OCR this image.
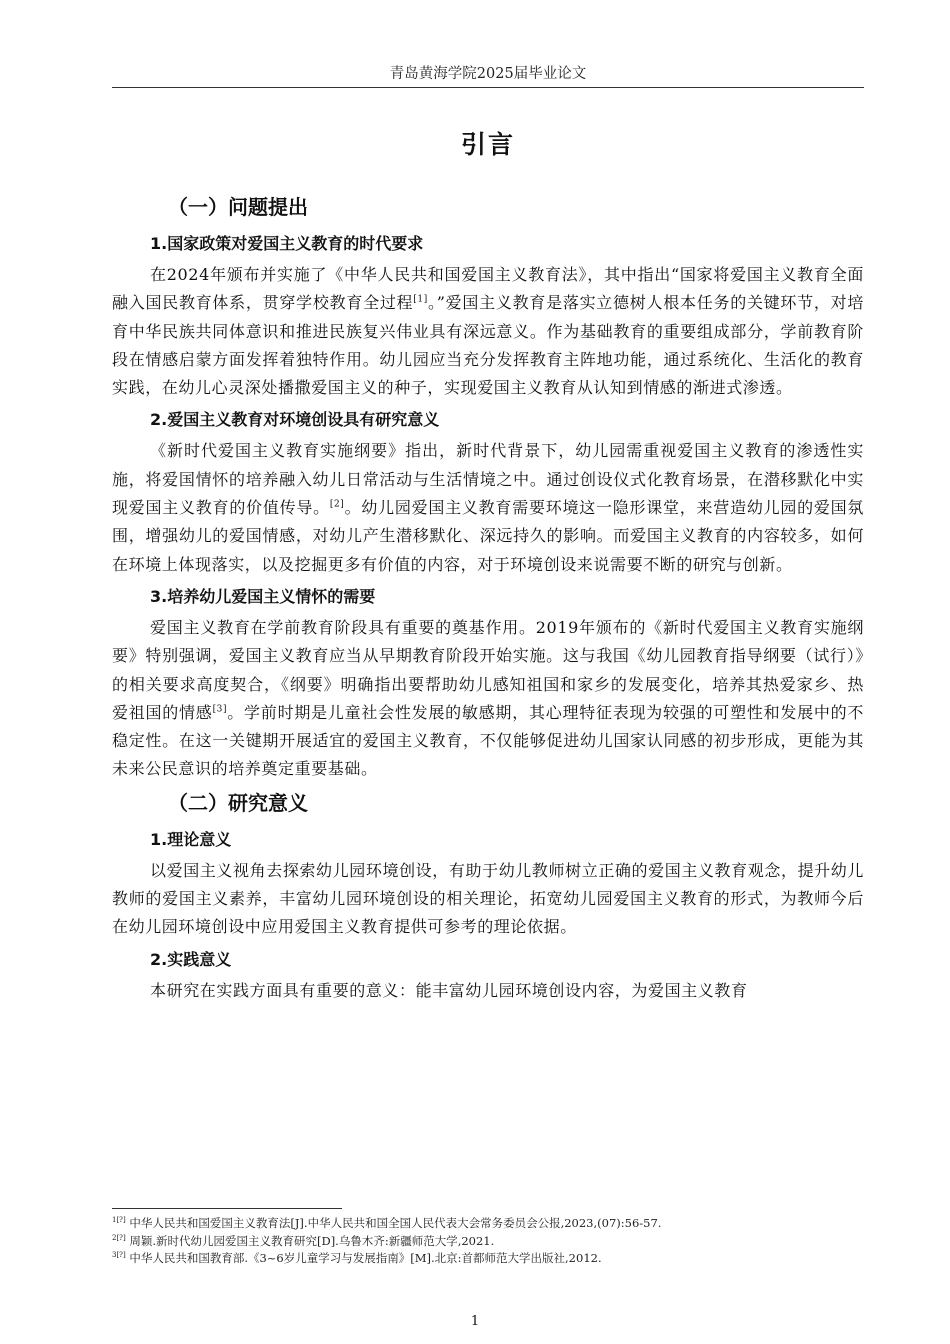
青岛黄海学院2025届毕业论文
引言
（一）问题提出
1.国家政策对爱国主义教育的时代要求

在2024年颁布并实施了《中华人民共和国爱国主义教育法》，其中指出“国家将爱国主义教育全面融入国民教育体系，贯穿学校教育全过程[1]。”爱国主义教育是落实立德树人根本任务的关键环节，对培育中华民族共同体意识和推进民族复兴伟业具有深远意义。作为基础教育的重要组成部分，学前教育阶段在情感启蒙方面发挥着独特作用。幼儿园应当充分发挥教育主阵地功能，通过系统化、生活化的教育实践，在幼儿心灵深处播撒爱国主义的种子，实现爱国主义教育从认知到情感的渐进式渗透。

2.爱国主义教育对环境创设具有研究意义

《新时代爱国主义教育实施纲要》指出，新时代背景下，幼儿园需重视爱国主义教育的渗透性实施，将爱国情怀的培养融入幼儿日常活动与生活情境之中。通过创设仪式化教育场景，在潜移默化中实现爱国主义教育的价值传导。[2]。幼儿园爱国主义教育需要环境这一隐形课堂，来营造幼儿园的爱国氛围，增强幼儿的爱国情感，对幼儿产生潜移默化、深远持久的影响。而爱国主义教育的内容较多，如何在环境上体现落实，以及挖掘更多有价值的内容，对于环境创设来说需要不断的研究与创新。

3.培养幼儿爱国主义情怀的需要

爱国主义教育在学前教育阶段具有重要的奠基作用。2019年颁布的《新时代爱国主义教育实施纲要》特别强调，爱国主义教育应当从早期教育阶段开始实施。这与我国《幼儿园教育指导纲要（试行）》的相关要求高度契合，《纲要》明确指出要帮助幼儿感知祖国和家乡的发展变化，培养其热爱家乡、热爱祖国的情感[3]。学前时期是儿童社会性发展的敏感期，其心理特征表现为较强的可塑性和发展中的不稳定性。在这一关键期开展适宜的爱国主义教育，不仅能够促进幼儿国家认同感的初步形成，更能为其未来公民意识的培养奠定重要基础。

（二）研究意义
1.理论意义

以爱国主义视角去探索幼儿园环境创设，有助于幼儿教师树立正确的爱国主义教育观念，提升幼儿教师的爱国主义素养，丰富幼儿园环境创设的相关理论，拓宽幼儿园爱国主义教育的形式，为教师今后在幼儿园环境创设中应用爱国主义教育提供可参考的理论依据。

2.实践意义

本研究在实践方面具有重要的意义：能丰富幼儿园环境创设内容，为爱国主义教育

$^{1[?]}$ 中华人民共和国爱国主义教育法[J].中华人民共和国全国人民代表大会常务委员会公报,2023,(07):56-57.
$^{2[?]}$ 周颖.新时代幼儿园爱国主义教育研究[D].乌鲁木齐:新疆师范大学,2021.
$^{3[?]}$ 中华人民共和国教育部.《3~6岁儿童学习与发展指南》[M].北京:首都师范大学出版社,2012.
1
